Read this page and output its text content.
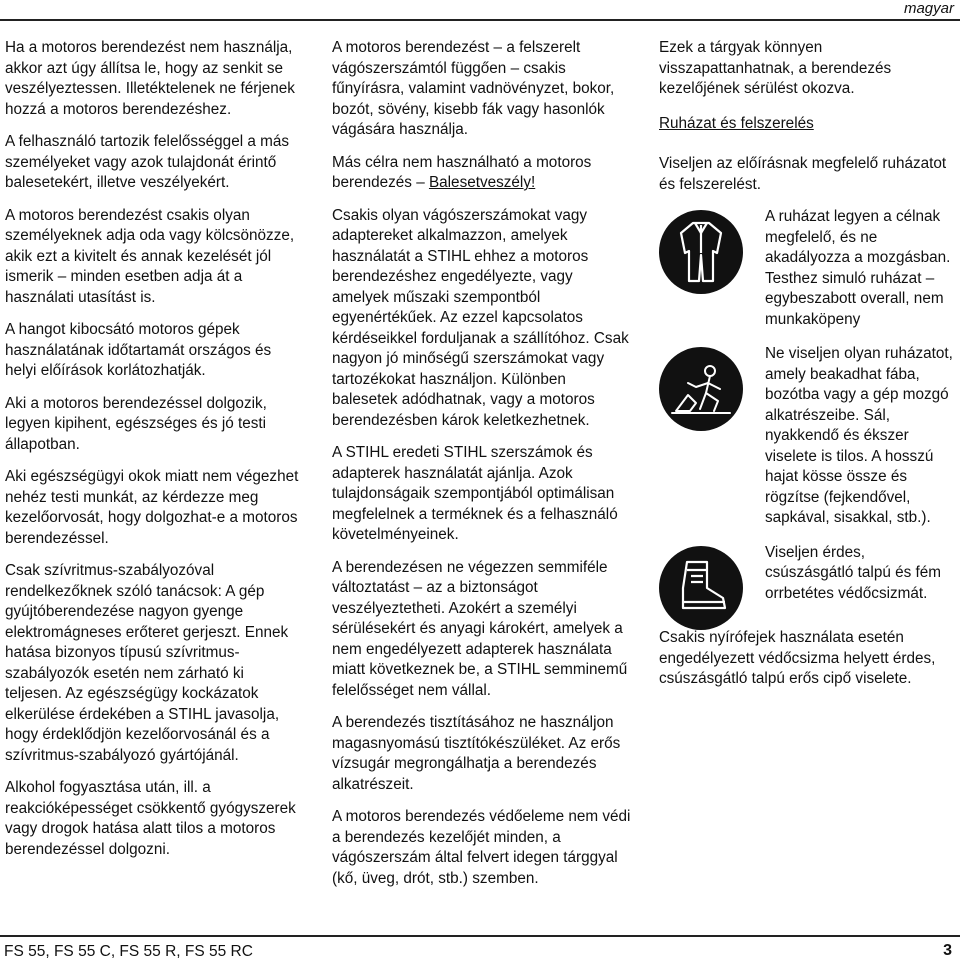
magyar

Ha a motoros berendezést nem használja, akkor azt úgy állítsa le, hogy az senkit se veszélyeztessen. Illetéktelenek ne férjenek hozzá a motoros berendezéshez.

A felhasználó tartozik felelősséggel a más személyeket vagy azok tulajdonát érintő balesetekért, illetve veszélyekért.

A motoros berendezést csakis olyan személyeknek adja oda vagy kölcsönözze, akik ezt a kivitelt és annak kezelését jól ismerik – minden esetben adja át a használati utasítást is.

A hangot kibocsátó motoros gépek használatának időtartamát országos és helyi előírások korlátozhatják.

Aki a motoros berendezéssel dolgozik, legyen kipihent, egészséges és jó testi állapotban.

Aki egészségügyi okok miatt nem végezhet nehéz testi munkát, az kérdezze meg kezelőorvosát, hogy dolgozhat-e a motoros berendezéssel.

Csak szívritmus-szabályozóval rendelkezőknek szóló tanácsok: A gép gyújtóberendezése nagyon gyenge elektromágneses erőteret gerjeszt. Ennek hatása bizonyos típusú szívritmus-szabályozók esetén nem zárható ki teljesen. Az egészségügy kockázatok elkerülése érdekében a STIHL javasolja, hogy érdeklődjön kezelőorvosánál és a szívritmus-szabályozó gyártójánál.

Alkohol fogyasztása után, ill. a reakcióképességet csökkentő gyógyszerek vagy drogok hatása alatt tilos a motoros berendezéssel dolgozni.

A motoros berendezést – a felszerelt vágószerszámtól függően – csakis fűnyírásra, valamint vadnövényzet, bokor, bozót, sövény, kisebb fák vagy hasonlók vágására használja.

Más célra nem használható a motoros berendezés – Balesetveszély!

Csakis olyan vágószerszámokat vagy adaptereket alkalmazzon, amelyek használatát a STIHL ehhez a motoros berendezéshez engedélyezte, vagy amelyek műszaki szempontból egyenértékűek. Az ezzel kapcsolatos kérdéseikkel forduljanak a szállítóhoz. Csak nagyon jó minőségű szerszámokat vagy tartozékokat használjon. Különben balesetek adódhatnak, vagy a motoros berendezésben károk keletkezhetnek.

A STIHL eredeti STIHL szerszámok és adapterek használatát ajánlja. Azok tulajdonságaik szempontjából optimálisan megfelelnek a terméknek és a felhasználó követelményeinek.

A berendezésen ne végezzen semmiféle változtatást – az a biztonságot veszélyeztetheti. Azokért a személyi sérülésekért és anyagi károkért, amelyek a nem engedélyezett adapterek használata miatt következnek be, a STIHL semminemű felelősséget nem vállal.

A berendezés tisztításához ne használjon magasnyomású tisztítókészüléket. Az erős vízsugár megrongálhatja a berendezés alkatrészeit.

A motoros berendezés védőeleme nem védi a berendezés kezelőjét minden, a vágószerszám által felvert idegen tárggyal (kő, üveg, drót, stb.) szemben.

Ezek a tárgyak könnyen visszapattanhatnak, a berendezés kezelőjének sérülést okozva.

Ruházat és felszerelés

Viseljen az előírásnak megfelelő ruházatot és felszerelést.

A ruházat legyen a célnak megfelelő, és ne akadályozza a mozgásban. Testhez simuló ruházat – egybeszabott overall, nem munkaköpeny
Ne viseljen olyan ruházatot, amely beakadhat fába, bozótba vagy a gép mozgó alkatrészeibe. Sál, nyakkendő és ékszer viselete is tilos. A hosszú hajat kösse össze és rögzítse (fejkendővel, sapkával, sisakkal, stb.).
Viseljen érdes, csúszásgátló talpú és fém orrbetétes védőcsizmát.

Csakis nyírófejek használata esetén engedélyezett védőcsizma helyett érdes, csúszásgátló talpú erős cipő viselete.

FS 55, FS 55 C, FS 55 R, FS 55 RC	3
